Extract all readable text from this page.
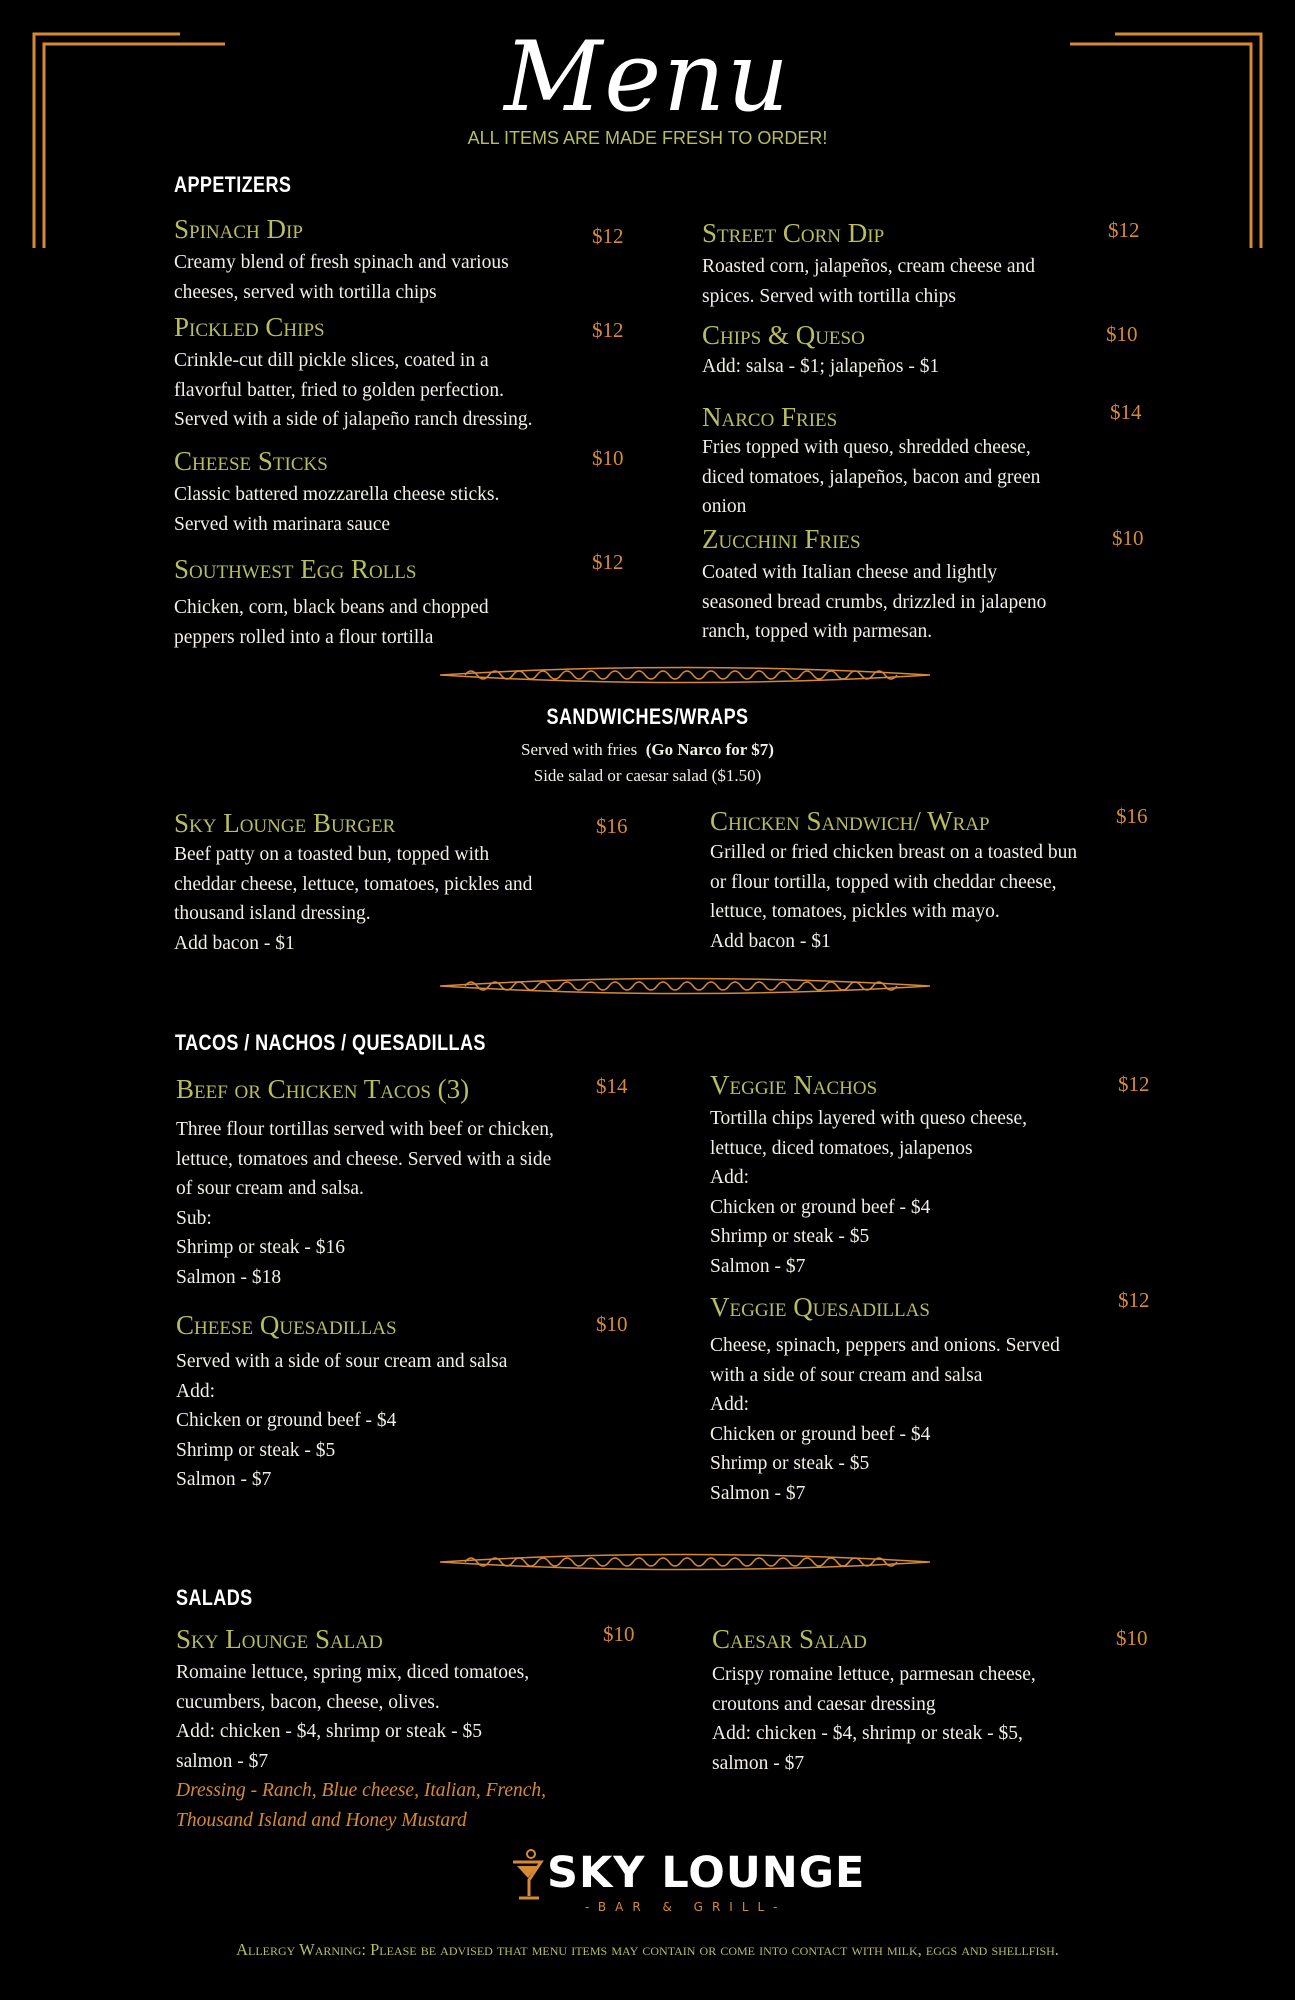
Menu
ALL ITEMS ARE MADE FRESH TO ORDER!
APPETIZERS
Spinach Dip	$12
Creamy blend of fresh spinach and various
cheeses, served with tortilla chips
Pickled Chips	$12
Crinkle-cut dill pickle slices, coated in a
flavorful batter, fried to golden perfection.
Served with a side of jalapeño ranch dressing.
Cheese Sticks	$10
Classic battered mozzarella cheese sticks.
Served with marinara sauce
Southwest Egg Rolls	$12
Chicken, corn, black beans and chopped
peppers rolled into a flour tortilla
Street Corn Dip	$12
Roasted corn, jalapeños, cream cheese and
spices. Served with tortilla chips
Chips & Queso	$10
Add: salsa - $1; jalapeños - $1
Narco Fries	$14
Fries topped with queso, shredded cheese,
diced tomatoes, jalapeños, bacon and green
onion
Zucchini Fries	$10
Coated with Italian cheese and lightly
seasoned bread crumbs, drizzled in jalapeno
ranch, topped with parmesan.
SANDWICHES/WRAPS
Served with fries (Go Narco for $7)
Side salad or caesar salad ($1.50)
Sky Lounge Burger	$16
Beef patty on a toasted bun, topped with
cheddar cheese, lettuce, tomatoes, pickles and
thousand island dressing.
Add bacon - $1
Chicken Sandwich/ Wrap	$16
Grilled or fried chicken breast on a toasted bun
or flour tortilla, topped with cheddar cheese,
lettuce, tomatoes, pickles with mayo.
Add bacon - $1
TACOS / NACHOS / QUESADILLAS
Beef or Chicken Tacos (3)	$14
Three flour tortillas served with beef or chicken,
lettuce, tomatoes and cheese. Served with a side
of sour cream and salsa.
Sub:
Shrimp or steak - $16
Salmon - $18
Cheese Quesadillas	$10
Served with a side of sour cream and salsa
Add:
Chicken or ground beef - $4
Shrimp or steak - $5
Salmon - $7
Veggie Nachos	$12
Tortilla chips layered with queso cheese,
lettuce, diced tomatoes, jalapenos
Add:
Chicken or ground beef - $4
Shrimp or steak - $5
Salmon - $7
Veggie Quesadillas	$12
Cheese, spinach, peppers and onions. Served
with a side of sour cream and salsa
Add:
Chicken or ground beef - $4
Shrimp or steak - $5
Salmon - $7
SALADS
Sky Lounge Salad	$10
Romaine lettuce, spring mix, diced tomatoes,
cucumbers, bacon, cheese, olives.
Add: chicken - $4, shrimp or steak - $5
salmon - $7
Dressing - Ranch, Blue cheese, Italian, French,
Thousand Island and Honey Mustard
Caesar Salad	$10
Crispy romaine lettuce, parmesan cheese,
croutons and caesar dressing
Add: chicken - $4, shrimp or steak - $5,
salmon - $7
SKY LOUNGE
-BAR & GRILL-
Allergy Warning: Please be advised that menu items may contain or come into contact with milk, eggs and shellfish.
